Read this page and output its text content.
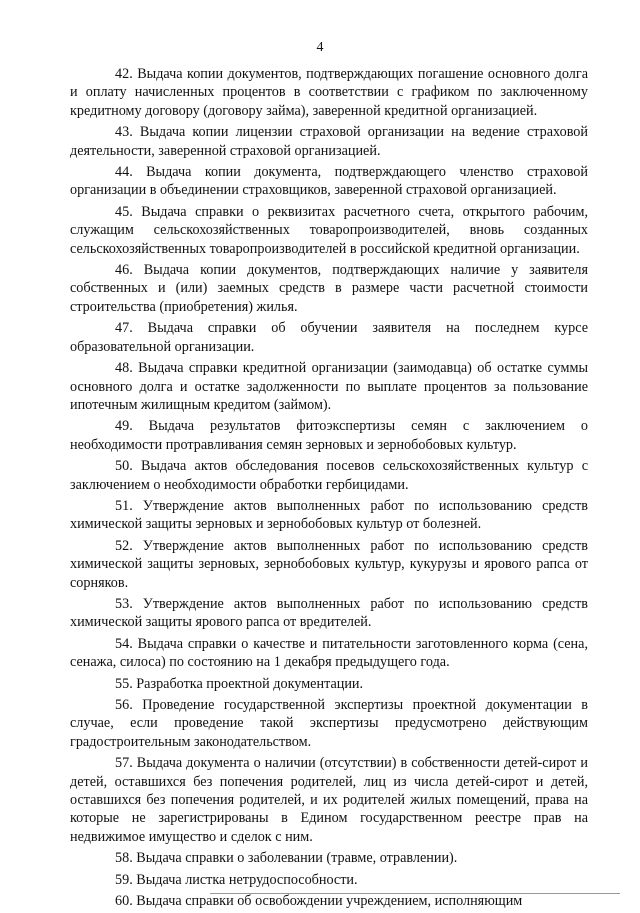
4

42. Выдача копии документов, подтверждающих погашение основного долга и оплату начисленных процентов в соответствии с графиком по заключенному кредитному договору (договору займа), заверенной кредитной организацией.

43. Выдача копии лицензии страховой организации на ведение страховой деятельности, заверенной страховой организацией.

44. Выдача копии документа, подтверждающего членство страховой организации в объединении страховщиков, заверенной страховой организацией.

45. Выдача справки о реквизитах расчетного счета, открытого рабочим, служащим сельскохозяйственных товаропроизводителей, вновь созданных сельскохозяйственных товаропроизводителей в российской кредитной организации.

46. Выдача копии документов, подтверждающих наличие у заявителя собственных и (или) заемных средств в размере части расчетной стоимости строительства (приобретения) жилья.

47. Выдача справки об обучении заявителя на последнем курсе образовательной организации.

48. Выдача справки кредитной организации (заимодавца) об остатке суммы основного долга и остатке задолженности по выплате процентов за пользование ипотечным жилищным кредитом (займом).

49. Выдача результатов фитоэкспертизы семян с заключением о необходимости протравливания семян зерновых и зернобобовых культур.

50. Выдача актов обследования посевов сельскохозяйственных культур с заключением о необходимости обработки гербицидами.

51. Утверждение актов выполненных работ по использованию средств химической защиты зерновых и зернобобовых культур от болезней.

52. Утверждение актов выполненных работ по использованию средств химической защиты зерновых, зернобобовых культур, кукурузы и ярового рапса от сорняков.

53. Утверждение актов выполненных работ по использованию средств химической защиты ярового рапса от вредителей.

54. Выдача справки о качестве и питательности заготовленного корма (сена, сенажа, силоса) по состоянию на 1 декабря предыдущего года.

55. Разработка проектной документации.

56. Проведение государственной экспертизы проектной документации в случае, если проведение такой экспертизы предусмотрено действующим градостроительным законодательством.

57. Выдача документа о наличии (отсутствии) в собственности детей-сирот и детей, оставшихся без попечения родителей, лиц из числа детей-сирот и детей, оставшихся без попечения родителей, и их родителей жилых помещений, права на которые не зарегистрированы в Едином государственном реестре прав на недвижимое имущество и сделок с ним.

58. Выдача справки о заболевании (травме, отравлении).

59. Выдача листка нетрудоспособности.

60. Выдача справки об освобождении учреждением, исполняющим
